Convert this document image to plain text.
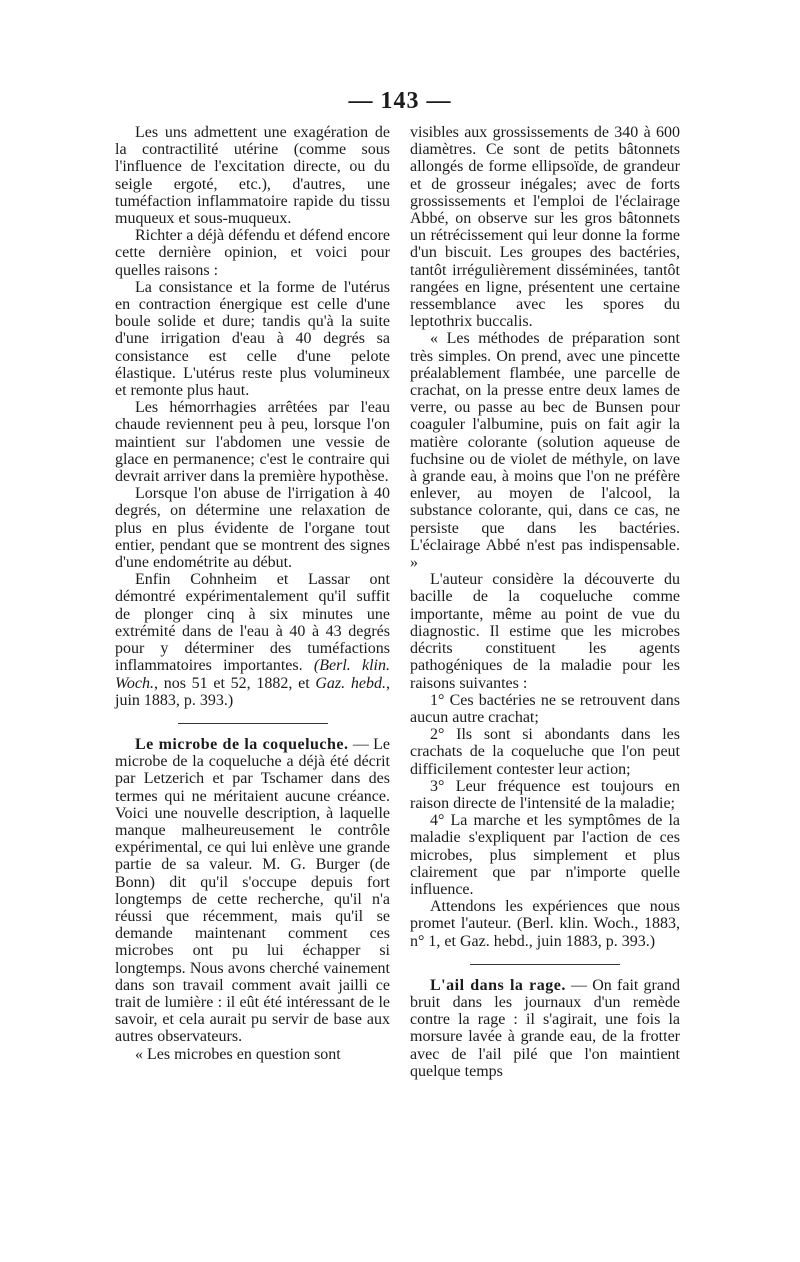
— 143 —

Les uns admettent une exagération de la contractilité utérine (comme sous l'influence de l'excitation directe, ou du seigle ergoté, etc.), d'autres, une tuméfaction inflammatoire rapide du tissu muqueux et sous-muqueux.

Richter a déjà défendu et défend encore cette dernière opinion, et voici pour quelles raisons :

La consistance et la forme de l'utérus en contraction énergique est celle d'une boule solide et dure; tandis qu'à la suite d'une irrigation d'eau à 40 degrés sa consistance est celle d'une pelote élastique. L'utérus reste plus volumineux et remonte plus haut.

Les hémorrhagies arrêtées par l'eau chaude reviennent peu à peu, lorsque l'on maintient sur l'abdomen une vessie de glace en permanence; c'est le contraire qui devrait arriver dans la première hypothèse.

Lorsque l'on abuse de l'irrigation à 40 degrés, on détermine une relaxation de plus en plus évidente de l'organe tout entier, pendant que se montrent des signes d'une endométrite au début.

Enfin Cohnheim et Lassar ont démontré expérimentalement qu'il suffit de plonger cinq à six minutes une extrémité dans de l'eau à 40 à 43 degrés pour y déterminer des tuméfactions inflammatoires importantes. (Berl. klin. Woch., nos 51 et 52, 1882, et Gaz. hebd., juin 1883, p. 393.)

Le microbe de la coqueluche. — Le microbe de la coqueluche a déjà été décrit par Letzerich et par Tschamer dans des termes qui ne méritaient aucune créance. Voici une nouvelle description, à laquelle manque malheureusement le contrôle expérimental, ce qui lui enlève une grande partie de sa valeur. M. G. Burger (de Bonn) dit qu'il s'occupe depuis fort longtemps de cette recherche, qu'il n'a réussi que récemment, mais qu'il se demande maintenant comment ces microbes ont pu lui échapper si longtemps. Nous avons cherché vainement dans son travail comment avait jailli ce trait de lumière : il eût été intéressant de le savoir, et cela aurait pu servir de base aux autres observateurs.

« Les microbes en question sont

visibles aux grossissements de 340 à 600 diamètres. Ce sont de petits bâtonnets allongés de forme ellipsoïde, de grandeur et de grosseur inégales; avec de forts grossissements et l'emploi de l'éclairage Abbé, on observe sur les gros bâtonnets un rétrécissement qui leur donne la forme d'un biscuit. Les groupes des bactéries, tantôt irrégulièrement disséminées, tantôt rangées en ligne, présentent une certaine ressemblance avec les spores du leptothrix buccalis.

« Les méthodes de préparation sont très simples. On prend, avec une pincette préalablement flambée, une parcelle de crachat, on la presse entre deux lames de verre, ou passe au bec de Bunsen pour coaguler l'albumine, puis on fait agir la matière colorante (solution aqueuse de fuchsine ou de violet de méthyle, on lave à grande eau, à moins que l'on ne préfère enlever, au moyen de l'alcool, la substance colorante, qui, dans ce cas, ne persiste que dans les bactéries. L'éclairage Abbé n'est pas indispensable. »

L'auteur considère la découverte du bacille de la coqueluche comme importante, même au point de vue du diagnostic. Il estime que les microbes décrits constituent les agents pathogéniques de la maladie pour les raisons suivantes :

1° Ces bactéries ne se retrouvent dans aucun autre crachat;

2° Ils sont si abondants dans les crachats de la coqueluche que l'on peut difficilement contester leur action;

3° Leur fréquence est toujours en raison directe de l'intensité de la maladie;

4° La marche et les symptômes de la maladie s'expliquent par l'action de ces microbes, plus simplement et plus clairement que par n'importe quelle influence.

Attendons les expériences que nous promet l'auteur. (Berl. klin. Woch., 1883, n° 1, et Gaz. hebd., juin 1883, p. 393.)

L'ail dans la rage. — On fait grand bruit dans les journaux d'un remède contre la rage : il s'agirait, une fois la morsure lavée à grande eau, de la frotter avec de l'ail pilé que l'on maintient quelque temps
